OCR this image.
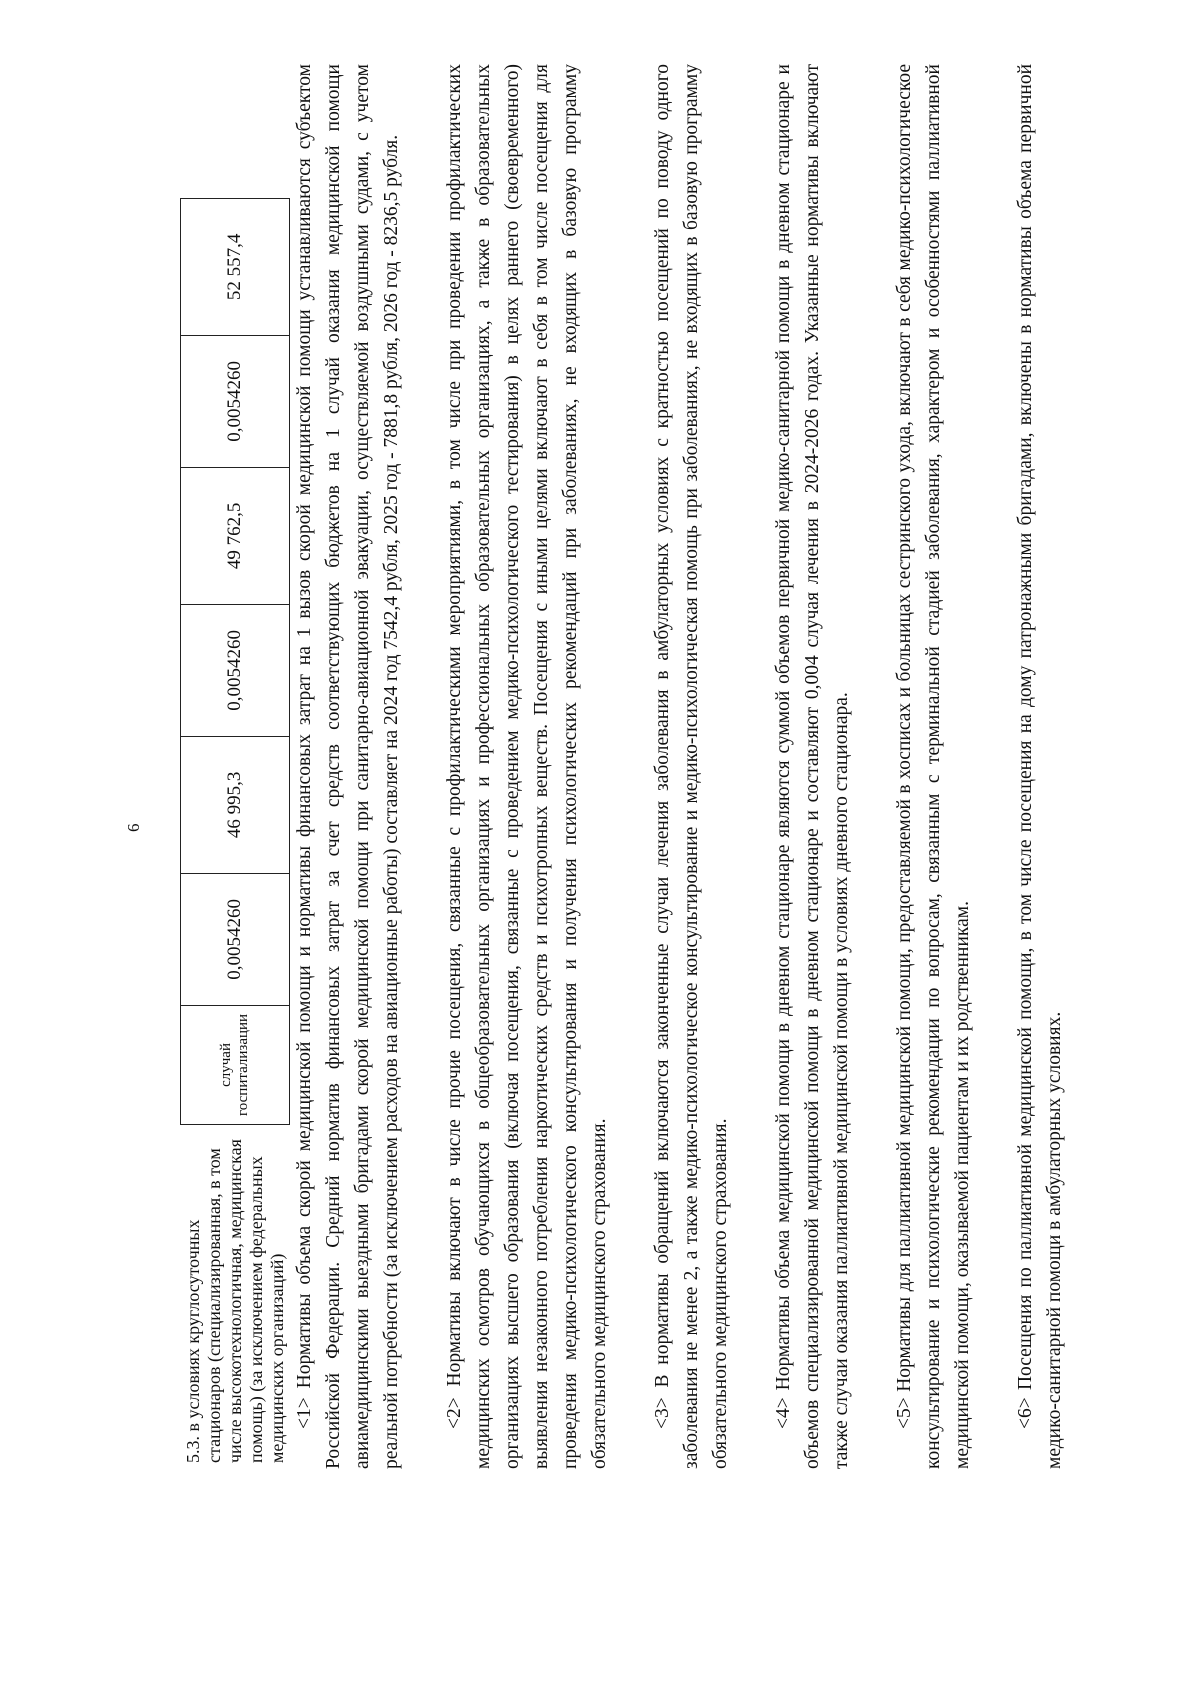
6
5.3. в условиях круглосуточных стационаров (специализированная, в том числе высокотехнологичная, медицинская помощь) (за исключением федеральных медицинских организаций)	случай госпитализации	0,0054260	46 995,3	0,0054260	49 762,5	0,0054260	52 557,4	<1> Нормативы объема скорой медицинской помощи и нормативы финансовых затрат на 1 вызов скорой медицинской помощи устанавливаются субъектом Российской Федерации. Средний норматив финансовых затрат за счет средств соответствующих бюджетов на 1 случай оказания медицинской помощи авиамедицинскими выездными бригадами скорой медицинской помощи при санитарно-авиационной эвакуации, осуществляемой воздушными судами, с учетом реальной потребности (за исключением расходов на авиационные работы) составляет на 2024 год 7542,4 рубля, 2025 год - 7881,8 рубля, 2026 год - 8236,5 рубля. <2> Нормативы включают в числе прочие посещения, связанные с профилактическими мероприятиями, в том числе при проведении профилактических медицинских осмотров обучающихся в общеобразовательных организациях и профессиональных образовательных организациях, а также в образовательных организациях высшего образования (включая посещения, связанные с проведением медико-психологического тестирования) в целях раннего (своевременного) выявления незаконного потребления наркотических средств и психотропных веществ. Посещения с иными целями включают в себя в том числе посещения для проведения медико-психологического консультирования и получения психологических рекомендаций при заболеваниях, не входящих в базовую программу обязательного медицинского страхования. <3> В нормативы обращений включаются законченные случаи лечения заболевания в амбулаторных условиях с кратностью посещений по поводу одного заболевания не менее 2, а также медико-психологическое консультирование и медико-психологическая помощь при заболеваниях, не входящих в базовую программу обязательного медицинского страхования. <4> Нормативы объема медицинской помощи в дневном стационаре являются суммой объемов первичной медико-санитарной помощи в дневном стационаре и объемов специализированной медицинской помощи в дневном стационаре и составляют 0,004 случая лечения в 2024-2026 годах. Указанные нормативы включают также случаи оказания паллиативной медицинской помощи в условиях дневного стационара. <5> Нормативы для паллиативной медицинской помощи, предоставляемой в хосписах и больницах сестринского ухода, включают в себя медико-психологическое консультирование и психологические рекомендации по вопросам, связанным с терминальной стадией заболевания, характером и особенностями паллиативной медицинской помощи, оказываемой пациентам и их родственникам. <6> Посещения по паллиативной медицинской помощи, в том числе посещения на дому патронажными бригадами, включены в нормативы объема первичной медико-санитарной помощи в амбулаторных условиях.
